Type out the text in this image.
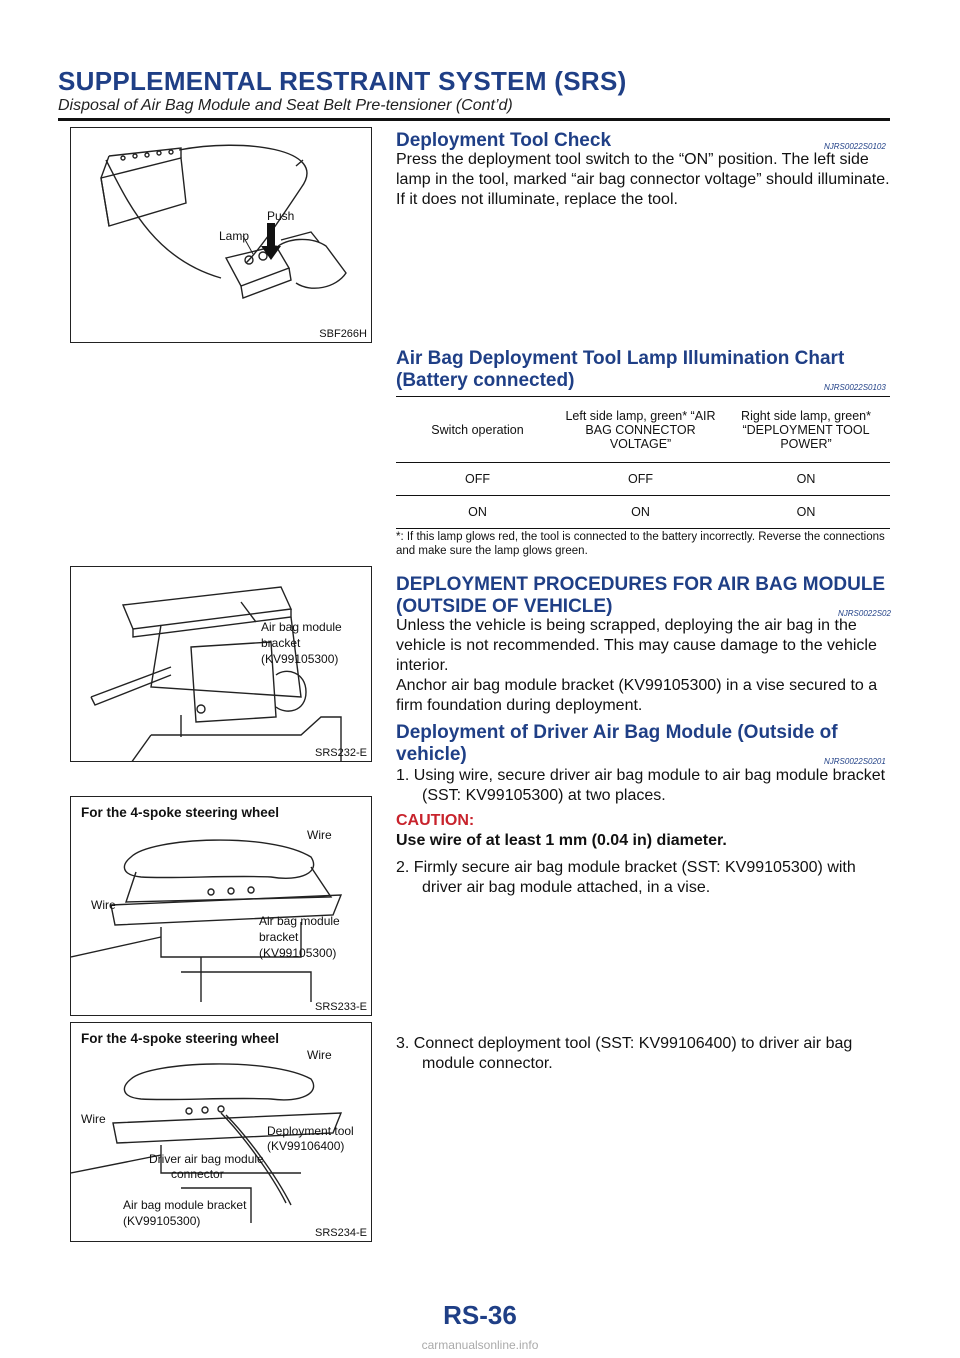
SUPPLEMENTAL RESTRAINT SYSTEM (SRS)
Disposal of Air Bag Module and Seat Belt Pre-tensioner (Cont’d)
Lamp
Push
SBF266H
Air bag module
bracket
(KV99105300)
SRS232-E
For the 4-spoke steering wheel
Wire
Wire
Air bag module
bracket
(KV99105300)
SRS233-E
For the 4-spoke steering wheel
Wire
Wire
Deployment tool
(KV99106400)
Driver air bag module
connector
Air bag module bracket
(KV99105300)
SRS234-E
Deployment Tool Check	NJRS0022S0102
Press the deployment tool switch to the “ON” position. The left side lamp in the tool, marked “air bag connector voltage” should illuminate. If it does not illuminate, replace the tool.
Air Bag Deployment Tool Lamp Illumination Chart
(Battery connected)	NJRS0022S0103
Switch operation	Left side lamp, green* “AIR BAG CONNECTOR VOLTAGE”	Right side lamp, green* “DEPLOYMENT TOOL POWER”
OFF	OFF	ON
ON	ON	ON
*: If this lamp glows red, the tool is connected to the battery incorrectly. Reverse the connections and make sure the lamp glows green.
DEPLOYMENT PROCEDURES FOR AIR BAG MODULE
(OUTSIDE OF VEHICLE)	NJRS0022S02
Unless the vehicle is being scrapped, deploying the air bag in the vehicle is not recommended. This may cause damage to the vehicle interior.
Anchor air bag module bracket (KV99105300) in a vise secured to a firm foundation during deployment.
Deployment of Driver Air Bag Module (Outside of
vehicle)	NJRS0022S0201
1. Using wire, secure driver air bag module to air bag module bracket (SST: KV99105300) at two places.
CAUTION:
Use wire of at least 1 mm (0.04 in) diameter.
2. Firmly secure air bag module bracket (SST: KV99105300) with driver air bag module attached, in a vise.
3. Connect deployment tool (SST: KV99106400) to driver air bag module connector.
RS-36
carmanualsonline.info
